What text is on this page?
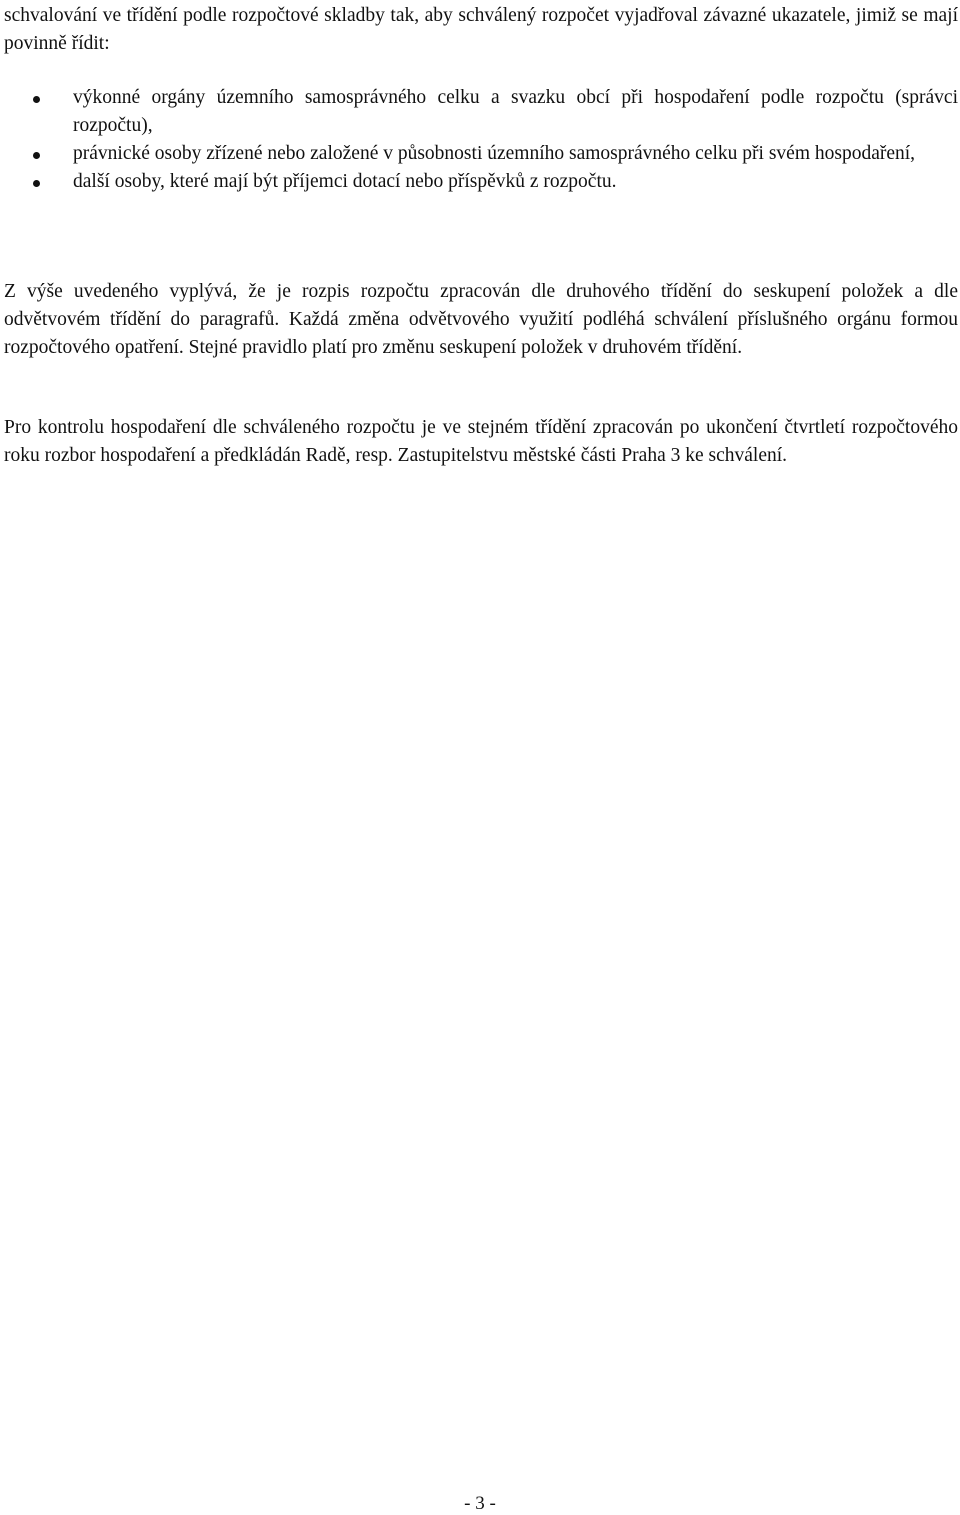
schvalování ve třídění podle rozpočtové skladby tak, aby schválený rozpočet vyjadřoval závazné ukazatele, jimiž se mají povinně řídit:

výkonné orgány územního samosprávného celku a svazku obcí při hospodaření podle rozpočtu (správci rozpočtu),
právnické osoby zřízené nebo založené v působnosti územního samosprávného celku při svém hospodaření,
další osoby, které mají být příjemci dotací nebo příspěvků z rozpočtu.

Z výše uvedeného vyplývá, že je rozpis rozpočtu zpracován dle druhového třídění do seskupení položek a dle odvětvovém třídění do paragrafů. Každá změna odvětvového využití podléhá schválení příslušného orgánu formou rozpočtového opatření. Stejné pravidlo platí pro změnu seskupení položek v druhovém třídění.

Pro kontrolu hospodaření dle schváleného rozpočtu je ve stejném třídění zpracován po ukončení čtvrtletí rozpočtového roku rozbor hospodaření a předkládán Radě, resp. Zastupitelstvu městské části Praha 3 ke schválení.

- 3 -
